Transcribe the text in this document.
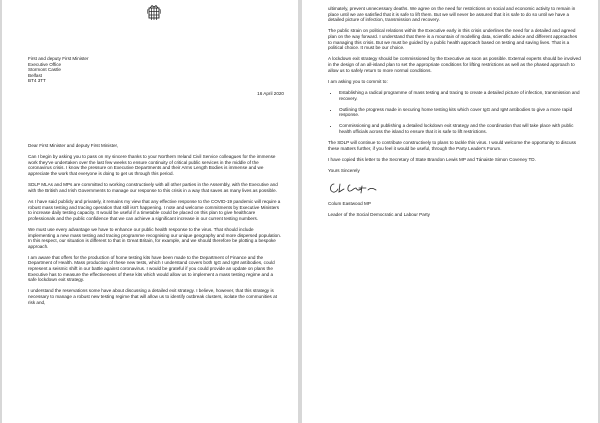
First and deputy First Minister
Executive Office
Stormont Castle
Belfast
BT4 3TT
16 April 2020

Dear First Minister and deputy First Minister,

Can I begin by asking you to pass on my sincere thanks to your Northern Ireland Civil Service colleagues for the immense work they've undertaken over the last few weeks to ensure continuity of critical public services in the middle of the coronavirus crisis. I know the pressure on Executive Departments and their Arms Length Bodies is immense and we appreciate the work that everyone is doing to get us through this period.

SDLP MLAs and MPs are committed to working constructively with all other parties in the Assembly, with the Executive and with the British and Irish Governments to manage our response to this crisis in a way that saves as many lives as possible.

As I have said publicly and privately, it remains my view that any effective response to the COVID-19 pandemic will require a robust mass testing and tracing operation that still isn't happening. I note and welcome commitments by Executive Ministers to increase daily testing capacity. It would be useful if a timetable could be placed on this plan to give healthcare professionals and the public confidence that we can achieve a significant increase in our current testing numbers.

We must use every advantage we have to enhance our public health response to the virus. That should include implementing a new mass testing and tracing programme recognising our unique geography and more dispersed population. In this respect, our situation is different to that in Great Britain, for example, and we should therefore be plotting a bespoke approach.

I am aware that offers for the production of home testing kits have been made to the Department of Finance and the Department of Health. Mass production of these new tests, which I understand covers both IgG and IgM antibodies, could represent a seismic shift in our battle against coronavirus. I would be grateful if you could provide an update on plans the Executive has to measure the effectiveness of these kits which would allow us to implement a mass testing regime and a safe lockdown exit strategy.

I understand the reservations some have about discussing a detailed exit strategy. I believe, however, that this strategy is necessary to manage a robust new testing regime that will allow us to identify outbreak clusters, isolate the communities at risk and,

ultimately, prevent unnecessary deaths. We agree on the need for restrictions on social and economic activity to remain in place until we are satisfied that it is safe to lift them. But we will never be assured that it is safe to do so until we have a detailed picture of infection, transmission and recovery.

The public strain on political relations within the Executive early in this crisis underlines the need for a detailed and agreed plan on the way forward. I understand that there is a mountain of modelling data, scientific advice and different approaches to managing this crisis. But we must be guided by a public health approach based on testing and saving lives. That is a political choice. It must be our choice.

A lockdown exit strategy should be commissioned by the Executive as soon as possible. External experts should be involved in the design of an all-island plan to set the appropriate conditions for lifting restrictions as well as the phased approach to allow us to safely return to more normal conditions.

I am asking you to commit to:

• Establishing a radical programme of mass testing and tracing to create a detailed picture of infection, transmission and recovery.
• Outlining the progress made in securing home testing kits which cover IgG and IgM antibodies to give a more rapid response.
• Commissioning and publishing a detailed lockdown exit strategy and the coordination that will take place with public health officials across the island to ensure that it is safe to lift restrictions.

The SDLP will continue to contribute constructively to plans to tackle this virus. I would welcome the opportunity to discuss these matters further, if you feel it would be useful, through the Party Leader's Forum.

I have copied this letter to the Secretary of State Brandon Lewis MP and Tánaiste Simon Coveney TD.

Yours Sincerely

Colum Eastwood MP

Leader of the Social Democratic and Labour Party
